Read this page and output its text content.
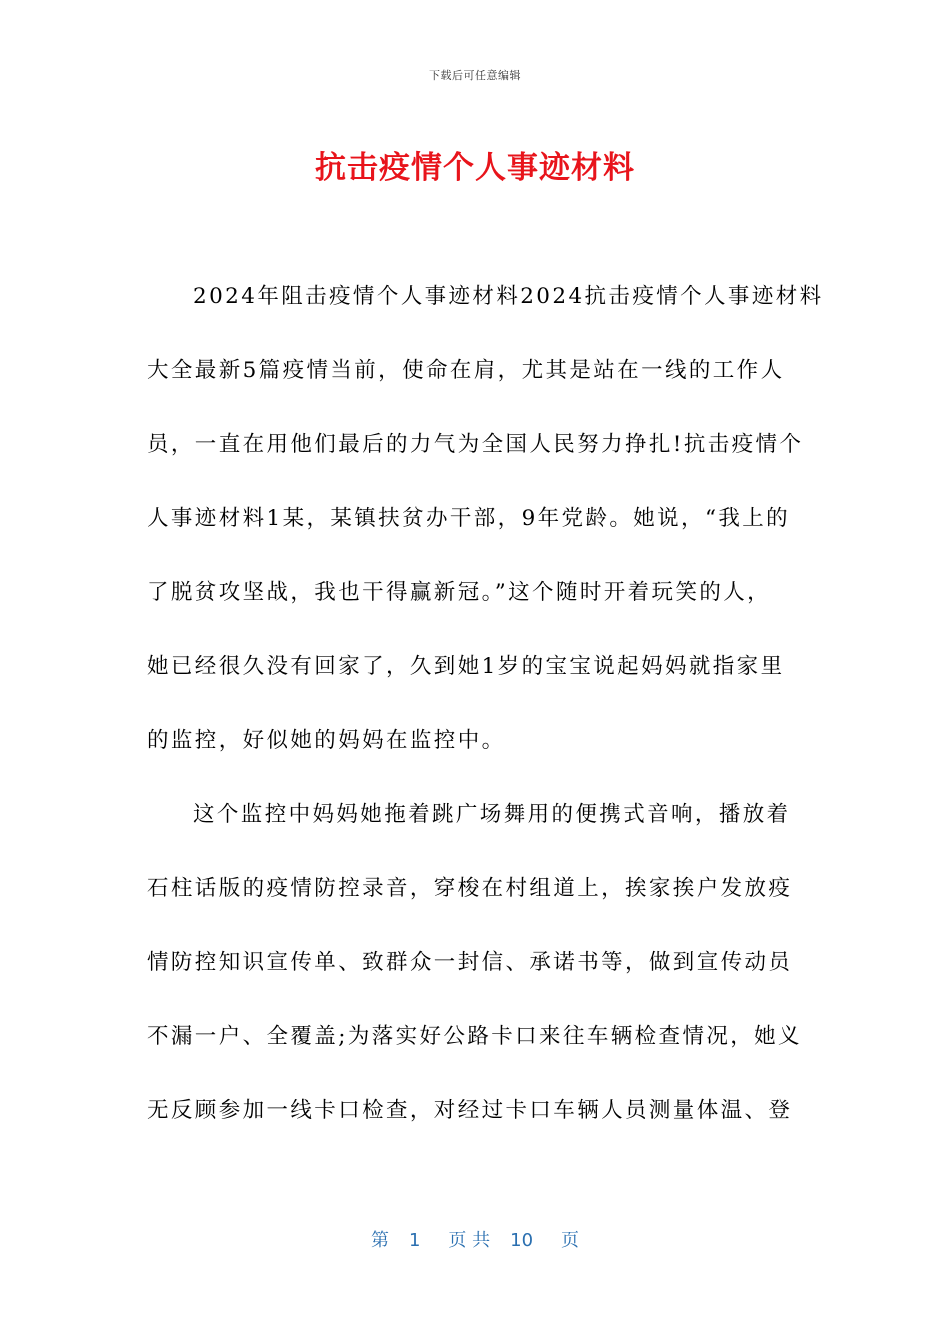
下载后可任意编辑
抗击疫情个人事迹材料
2024年阻击疫情个人事迹材料2024抗击疫情个人事迹材料
大全最新5篇疫情当前，使命在肩，尤其是站在一线的工作人
员，一直在用他们最后的力气为全国人民努力挣扎!抗击疫情个
人事迹材料1某，某镇扶贫办干部，9年党龄。她说，“我上的
了脱贫攻坚战，我也干得赢新冠。”这个随时开着玩笑的人，
她已经很久没有回家了，久到她1岁的宝宝说起妈妈就指家里
的监控，好似她的妈妈在监控中。
这个监控中妈妈她拖着跳广场舞用的便携式音响，播放着
石柱话版的疫情防控录音，穿梭在村组道上，挨家挨户发放疫
情防控知识宣传单、致群众一封信、承诺书等，做到宣传动员
不漏一户、全覆盖;为落实好公路卡口来往车辆检查情况，她义
无反顾参加一线卡口检查，对经过卡口车辆人员测量体温、登
第 1 页 共 10 页
